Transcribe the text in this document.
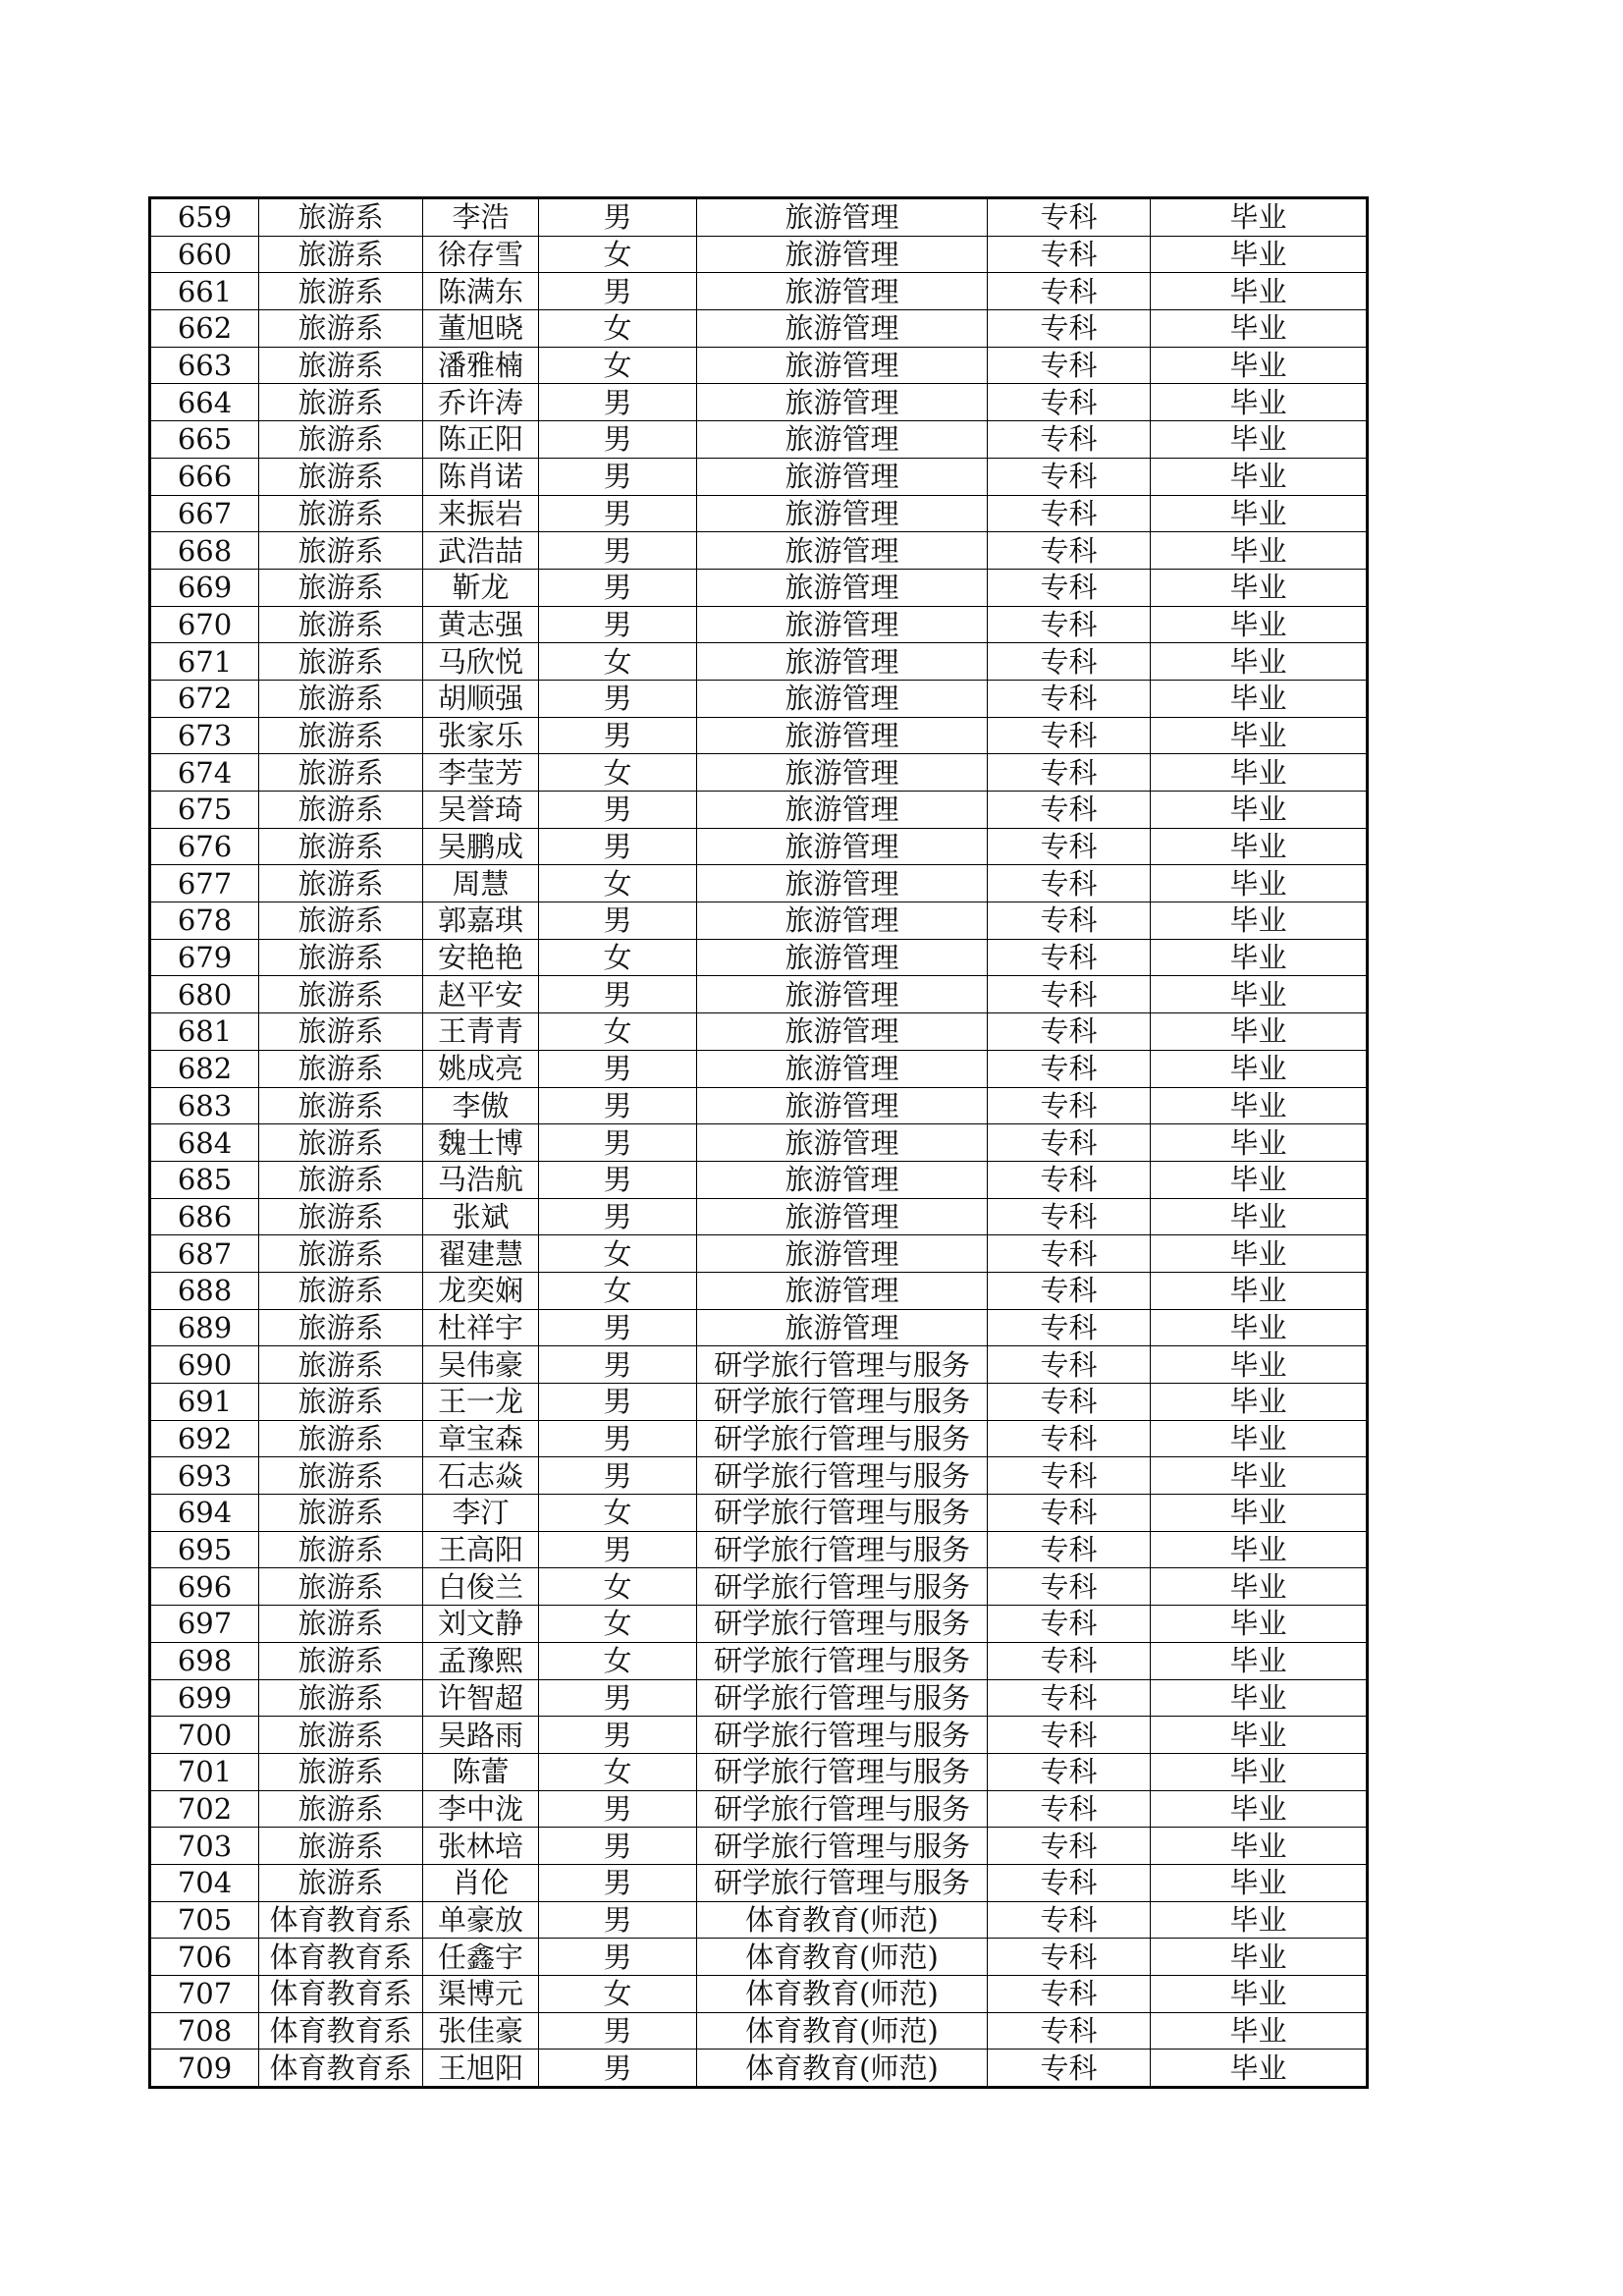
659	旅游系	李浩	男	旅游管理	专科	毕业
660	旅游系	徐存雪	女	旅游管理	专科	毕业
661	旅游系	陈满东	男	旅游管理	专科	毕业
662	旅游系	董旭晓	女	旅游管理	专科	毕业
663	旅游系	潘雅楠	女	旅游管理	专科	毕业
664	旅游系	乔许涛	男	旅游管理	专科	毕业
665	旅游系	陈正阳	男	旅游管理	专科	毕业
666	旅游系	陈肖诺	男	旅游管理	专科	毕业
667	旅游系	来振岩	男	旅游管理	专科	毕业
668	旅游系	武浩喆	男	旅游管理	专科	毕业
669	旅游系	靳龙	男	旅游管理	专科	毕业
670	旅游系	黄志强	男	旅游管理	专科	毕业
671	旅游系	马欣悦	女	旅游管理	专科	毕业
672	旅游系	胡顺强	男	旅游管理	专科	毕业
673	旅游系	张家乐	男	旅游管理	专科	毕业
674	旅游系	李莹芳	女	旅游管理	专科	毕业
675	旅游系	吴誉琦	男	旅游管理	专科	毕业
676	旅游系	吴鹏成	男	旅游管理	专科	毕业
677	旅游系	周慧	女	旅游管理	专科	毕业
678	旅游系	郭嘉琪	男	旅游管理	专科	毕业
679	旅游系	安艳艳	女	旅游管理	专科	毕业
680	旅游系	赵平安	男	旅游管理	专科	毕业
681	旅游系	王青青	女	旅游管理	专科	毕业
682	旅游系	姚成亮	男	旅游管理	专科	毕业
683	旅游系	李傲	男	旅游管理	专科	毕业
684	旅游系	魏士博	男	旅游管理	专科	毕业
685	旅游系	马浩航	男	旅游管理	专科	毕业
686	旅游系	张斌	男	旅游管理	专科	毕业
687	旅游系	翟建慧	女	旅游管理	专科	毕业
688	旅游系	龙奕娴	女	旅游管理	专科	毕业
689	旅游系	杜祥宇	男	旅游管理	专科	毕业
690	旅游系	吴伟豪	男	研学旅行管理与服务	专科	毕业
691	旅游系	王一龙	男	研学旅行管理与服务	专科	毕业
692	旅游系	章宝森	男	研学旅行管理与服务	专科	毕业
693	旅游系	石志焱	男	研学旅行管理与服务	专科	毕业
694	旅游系	李汀	女	研学旅行管理与服务	专科	毕业
695	旅游系	王高阳	男	研学旅行管理与服务	专科	毕业
696	旅游系	白俊兰	女	研学旅行管理与服务	专科	毕业
697	旅游系	刘文静	女	研学旅行管理与服务	专科	毕业
698	旅游系	孟豫熙	女	研学旅行管理与服务	专科	毕业
699	旅游系	许智超	男	研学旅行管理与服务	专科	毕业
700	旅游系	吴路雨	男	研学旅行管理与服务	专科	毕业
701	旅游系	陈蕾	女	研学旅行管理与服务	专科	毕业
702	旅游系	李中泷	男	研学旅行管理与服务	专科	毕业
703	旅游系	张林培	男	研学旅行管理与服务	专科	毕业
704	旅游系	肖伦	男	研学旅行管理与服务	专科	毕业
705	体育教育系	单豪放	男	体育教育(师范)	专科	毕业
706	体育教育系	任鑫宇	男	体育教育(师范)	专科	毕业
707	体育教育系	渠博元	女	体育教育(师范)	专科	毕业
708	体育教育系	张佳豪	男	体育教育(师范)	专科	毕业
709	体育教育系	王旭阳	男	体育教育(师范)	专科	毕业
